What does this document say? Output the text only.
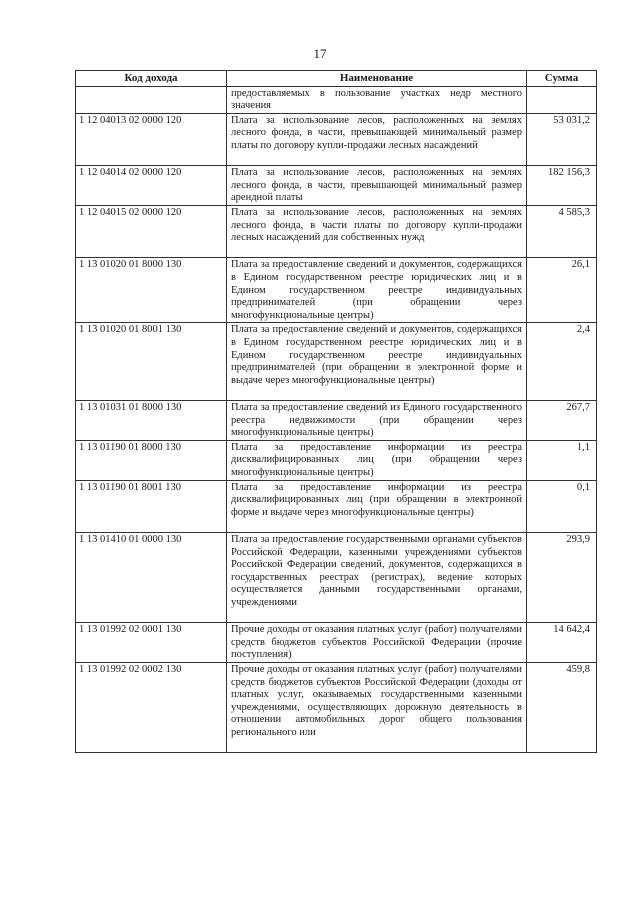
17
Код дохода	Наименование	Сумма
	предоставляемых в пользование участках недр местного значения	
1 12 04013 02 0000 120	Плата за использование лесов, расположенных на землях лесного фонда, в части, превышающей минимальный размер платы по договору купли-продажи лесных насаждений	53 031,2
1 12 04014 02 0000 120	Плата за использование лесов, расположенных на землях лесного фонда, в части, превышающей минимальный размер арендной платы	182 156,3
1 12 04015 02 0000 120	Плата за использование лесов, расположенных на землях лесного фонда, в части платы по договору купли-продажи лесных насаждений для собственных нужд	4 585,3
1 13 01020 01 8000 130	Плата за предоставление сведений и документов, содержащихся в Едином государственном реестре юридических лиц и в Едином государственном реестре индивидуальных предпринимателей (при обращении через многофункциональные центры)	26,1
1 13 01020 01 8001 130	Плата за предоставление сведений и документов, содержащихся в Едином государственном реестре юридических лиц и в Едином государственном реестре индивидуальных предпринимателей (при обращении в электронной форме и выдаче через многофункциональные центры)	2,4
1 13 01031 01 8000 130	Плата за предоставление сведений из Единого государственного реестра недвижимости (при обращении через многофункциональные центры)	267,7
1 13 01190 01 8000 130	Плата за предоставление информации из реестра дисквалифицированных лиц (при обращении через многофункциональные центры)	1,1
1 13 01190 01 8001 130	Плата за предоставление информации из реестра дисквалифицированных лиц (при обращении в электронной форме и выдаче через многофункциональные центры)	0,1
1 13 01410 01 0000 130	Плата за предоставление государственными органами субъектов Российской Федерации, казенными учреждениями субъектов Российской Федерации сведений, документов, содержащихся в государственных реестрах (регистрах), ведение которых осуществляется данными государственными органами, учреждениями	293,9
1 13 01992 02 0001 130	Прочие доходы от оказания платных услуг (работ) получателями средств бюджетов субъектов Российской Федерации (прочие поступления)	14 642,4
1 13 01992 02 0002 130	Прочие доходы от оказания платных услуг (работ) получателями средств бюджетов субъектов Российской Федерации (доходы от платных услуг, оказываемых государственными казенными учреждениями, осуществляющих дорожную деятельность в отношении автомобильных дорог общего пользования регионального или	459,8
